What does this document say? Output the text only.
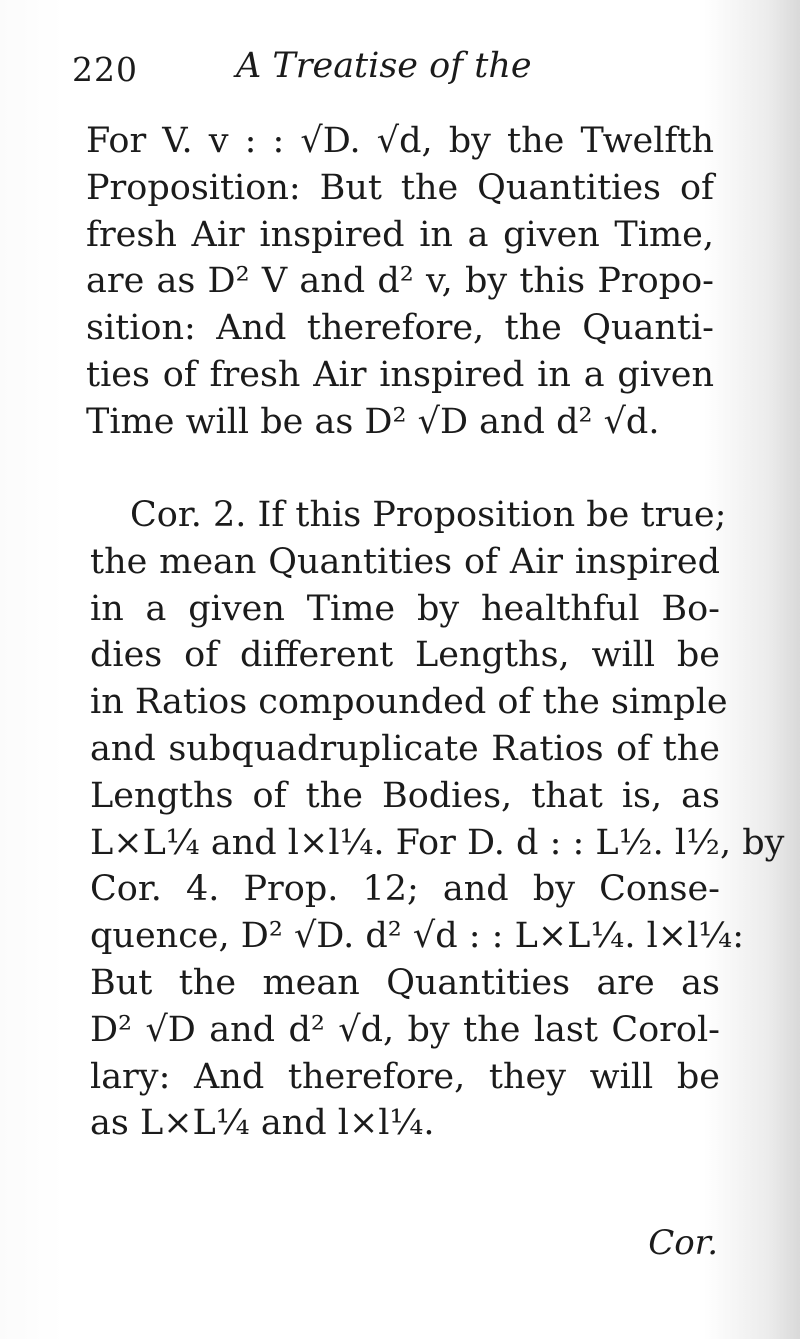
220	A Treatise of the
For V. v : : √D. √d, by the Twelfth
Proposition: But the Quantities of
fresh Air inspired in a given Time,
are as D² V and d² v, by this Propo-
sition: And therefore, the Quanti-
ties of fresh Air inspired in a given
Time will be as D² √D and d² √d.
Cor. 2. If this Proposition be true;
the mean Quantities of Air inspired
in a given Time by healthful Bo-
dies of different Lengths, will be
in Ratios compounded of the simple
and subquadruplicate Ratios of the
Lengths of the Bodies, that is, as
L×L¼ and l×l¼. For D. d : : L½. l½, by
Cor. 4. Prop. 12; and by Conse-
quence, D² √D. d² √d : : L×L¼. l×l¼:
But the mean Quantities are as
D² √D and d² √d, by the last Corol-
lary: And therefore, they will be
as L×L¼ and l×l¼.
Cor.
